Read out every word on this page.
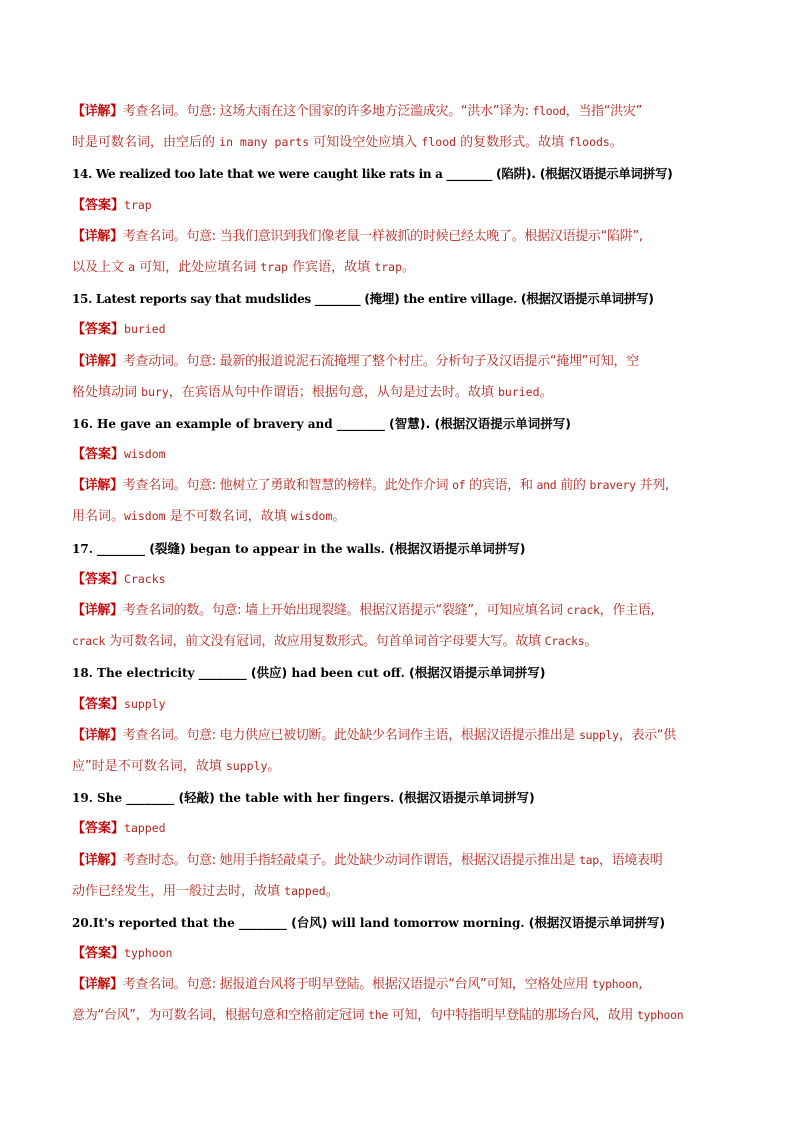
【详解】考查名词。句意: 这场大雨在这个国家的许多地方泛滥成灾。“洪水”译为: flood，当指“洪灾”
时是可数名词，由空后的 in many parts 可知设空处应填入 flood 的复数形式。故填 floods。
14. We realized too late that we were caught like rats in a ________ (陷阱). (根据汉语提示单词拼写)
【答案】trap
【详解】考查名词。句意: 当我们意识到我们像老鼠一样被抓的时候已经太晚了。根据汉语提示“陷阱”,
以及上文 a 可知，此处应填名词 trap 作宾语，故填 trap。
15. Latest reports say that mudslides ________ (掩埋) the entire village. (根据汉语提示单词拼写)
【答案】buried
【详解】考查动词。句意: 最新的报道说泥石流掩埋了整个村庄。分析句子及汉语提示“掩埋”可知，空
格处填动词 bury，在宾语从句中作谓语；根据句意，从句是过去时。故填 buried。
16. He gave an example of bravery and ________ (智慧). (根据汉语提示单词拼写)
【答案】wisdom
【详解】考查名词。句意: 他树立了勇敢和智慧的榜样。此处作介词 of 的宾语，和 and 前的 bravery 并列,
用名词。wisdom 是不可数名词，故填 wisdom。
17. ________ (裂缝) began to appear in the walls. (根据汉语提示单词拼写)
【答案】Cracks
【详解】考查名词的数。句意: 墙上开始出现裂缝。根据汉语提示“裂缝”，可知应填名词 crack，作主语,
crack 为可数名词，前文没有冠词，故应用复数形式。句首单词首字母要大写。故填 Cracks。
18. The electricity ________ (供应) had been cut off. (根据汉语提示单词拼写)
【答案】supply
【详解】考查名词。句意: 电力供应已被切断。此处缺少名词作主语，根据汉语提示推出是 supply，表示“供
应”时是不可数名词，故填 supply。
19. She ________ (轻敲) the table with her fingers. (根据汉语提示单词拼写)
【答案】tapped
【详解】考查时态。句意: 她用手指轻敲桌子。此处缺少动词作谓语，根据汉语提示推出是 tap，语境表明
动作已经发生，用一般过去时，故填 tapped。
20.It's reported that the ________ (台风) will land tomorrow morning. (根据汉语提示单词拼写)
【答案】typhoon
【详解】考查名词。句意: 据报道台风将于明早登陆。根据汉语提示“台风”可知，空格处应用 typhoon,
意为“台风”，为可数名词，根据句意和空格前定冠词 the 可知，句中特指明早登陆的那场台风，故用 typhoon
